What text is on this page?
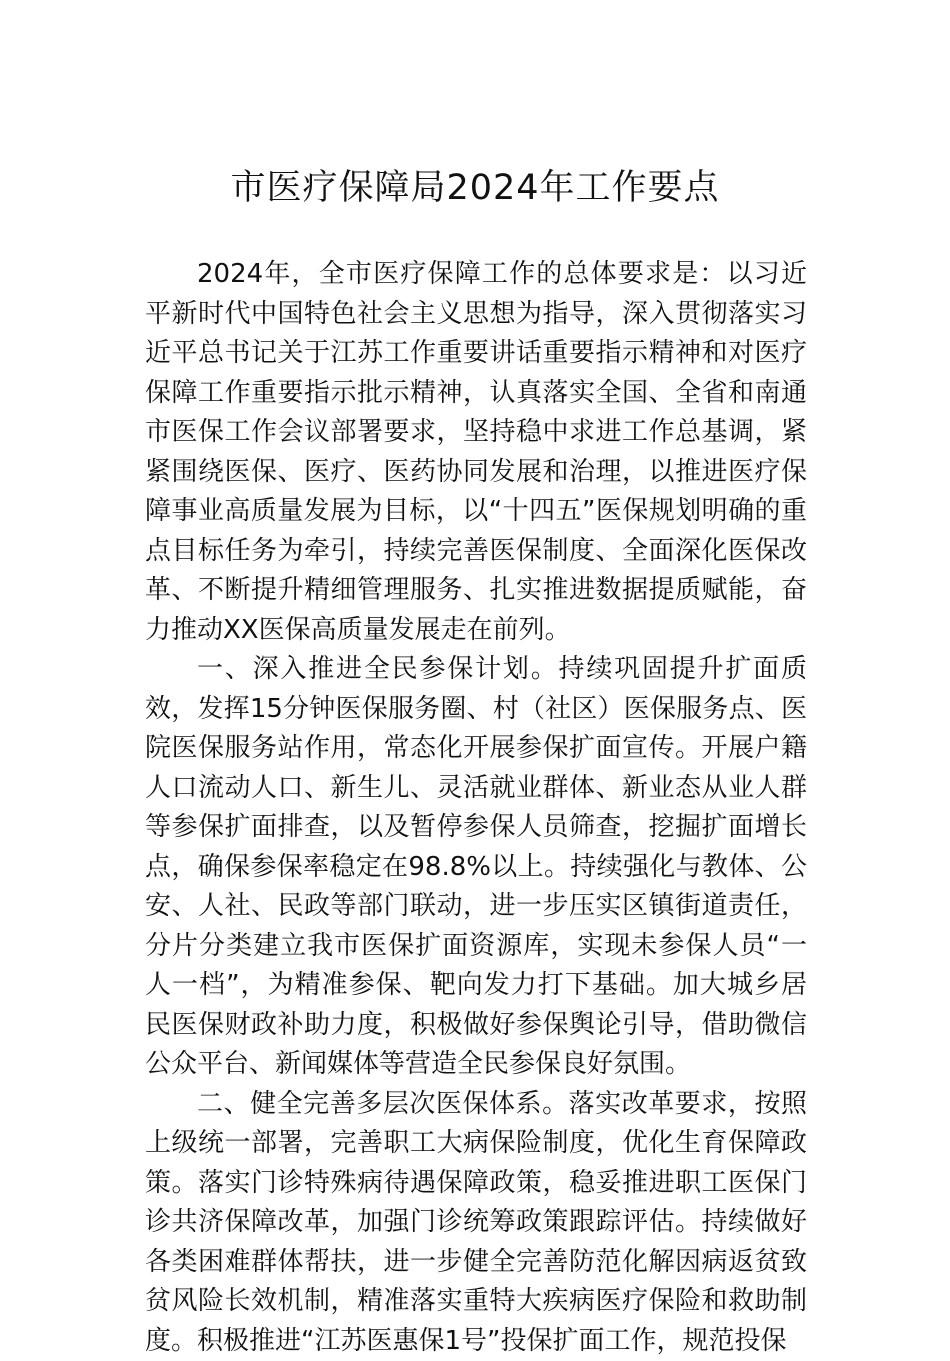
市医疗保障局2024年工作要点

2024年，全市医疗保障工作的总体要求是：以习近平新时代中国特色社会主义思想为指导，深入贯彻落实习近平总书记关于江苏工作重要讲话重要指示精神和对医疗保障工作重要指示批示精神，认真落实全国、全省和南通市医保工作会议部署要求，坚持稳中求进工作总基调，紧紧围绕医保、医疗、医药协同发展和治理，以推进医疗保障事业高质量发展为目标，以“十四五”医保规划明确的重点目标任务为牵引，持续完善医保制度、全面深化医保改革、不断提升精细管理服务、扎实推进数据提质赋能，奋力推动XX医保高质量发展走在前列。

一、深入推进全民参保计划。持续巩固提升扩面质效，发挥15分钟医保服务圈、村（社区）医保服务点、医院医保服务站作用，常态化开展参保扩面宣传。开展户籍人口流动人口、新生儿、灵活就业群体、新业态从业人群等参保扩面排查，以及暂停参保人员筛查，挖掘扩面增长点，确保参保率稳定在98.8%以上。持续强化与教体、公安、人社、民政等部门联动，进一步压实区镇街道责任，分片分类建立我市医保扩面资源库，实现未参保人员“一人一档”，为精准参保、靶向发力打下基础。加大城乡居民医保财政补助力度，积极做好参保舆论引导，借助微信公众平台、新闻媒体等营造全民参保良好氛围。

二、健全完善多层次医保体系。落实改革要求，按照上级统一部署，完善职工大病保险制度，优化生育保障政策。落实门诊特殊病待遇保障政策，稳妥推进职工医保门诊共济保障改革，加强门诊统筹政策跟踪评估。持续做好各类困难群体帮扶，进一步健全完善防范化解因病返贫致贫风险长效机制，精准落实重特大疾病医疗保险和救助制度。积极推进“江苏医惠保1号”投保扩面工作，规范投保
